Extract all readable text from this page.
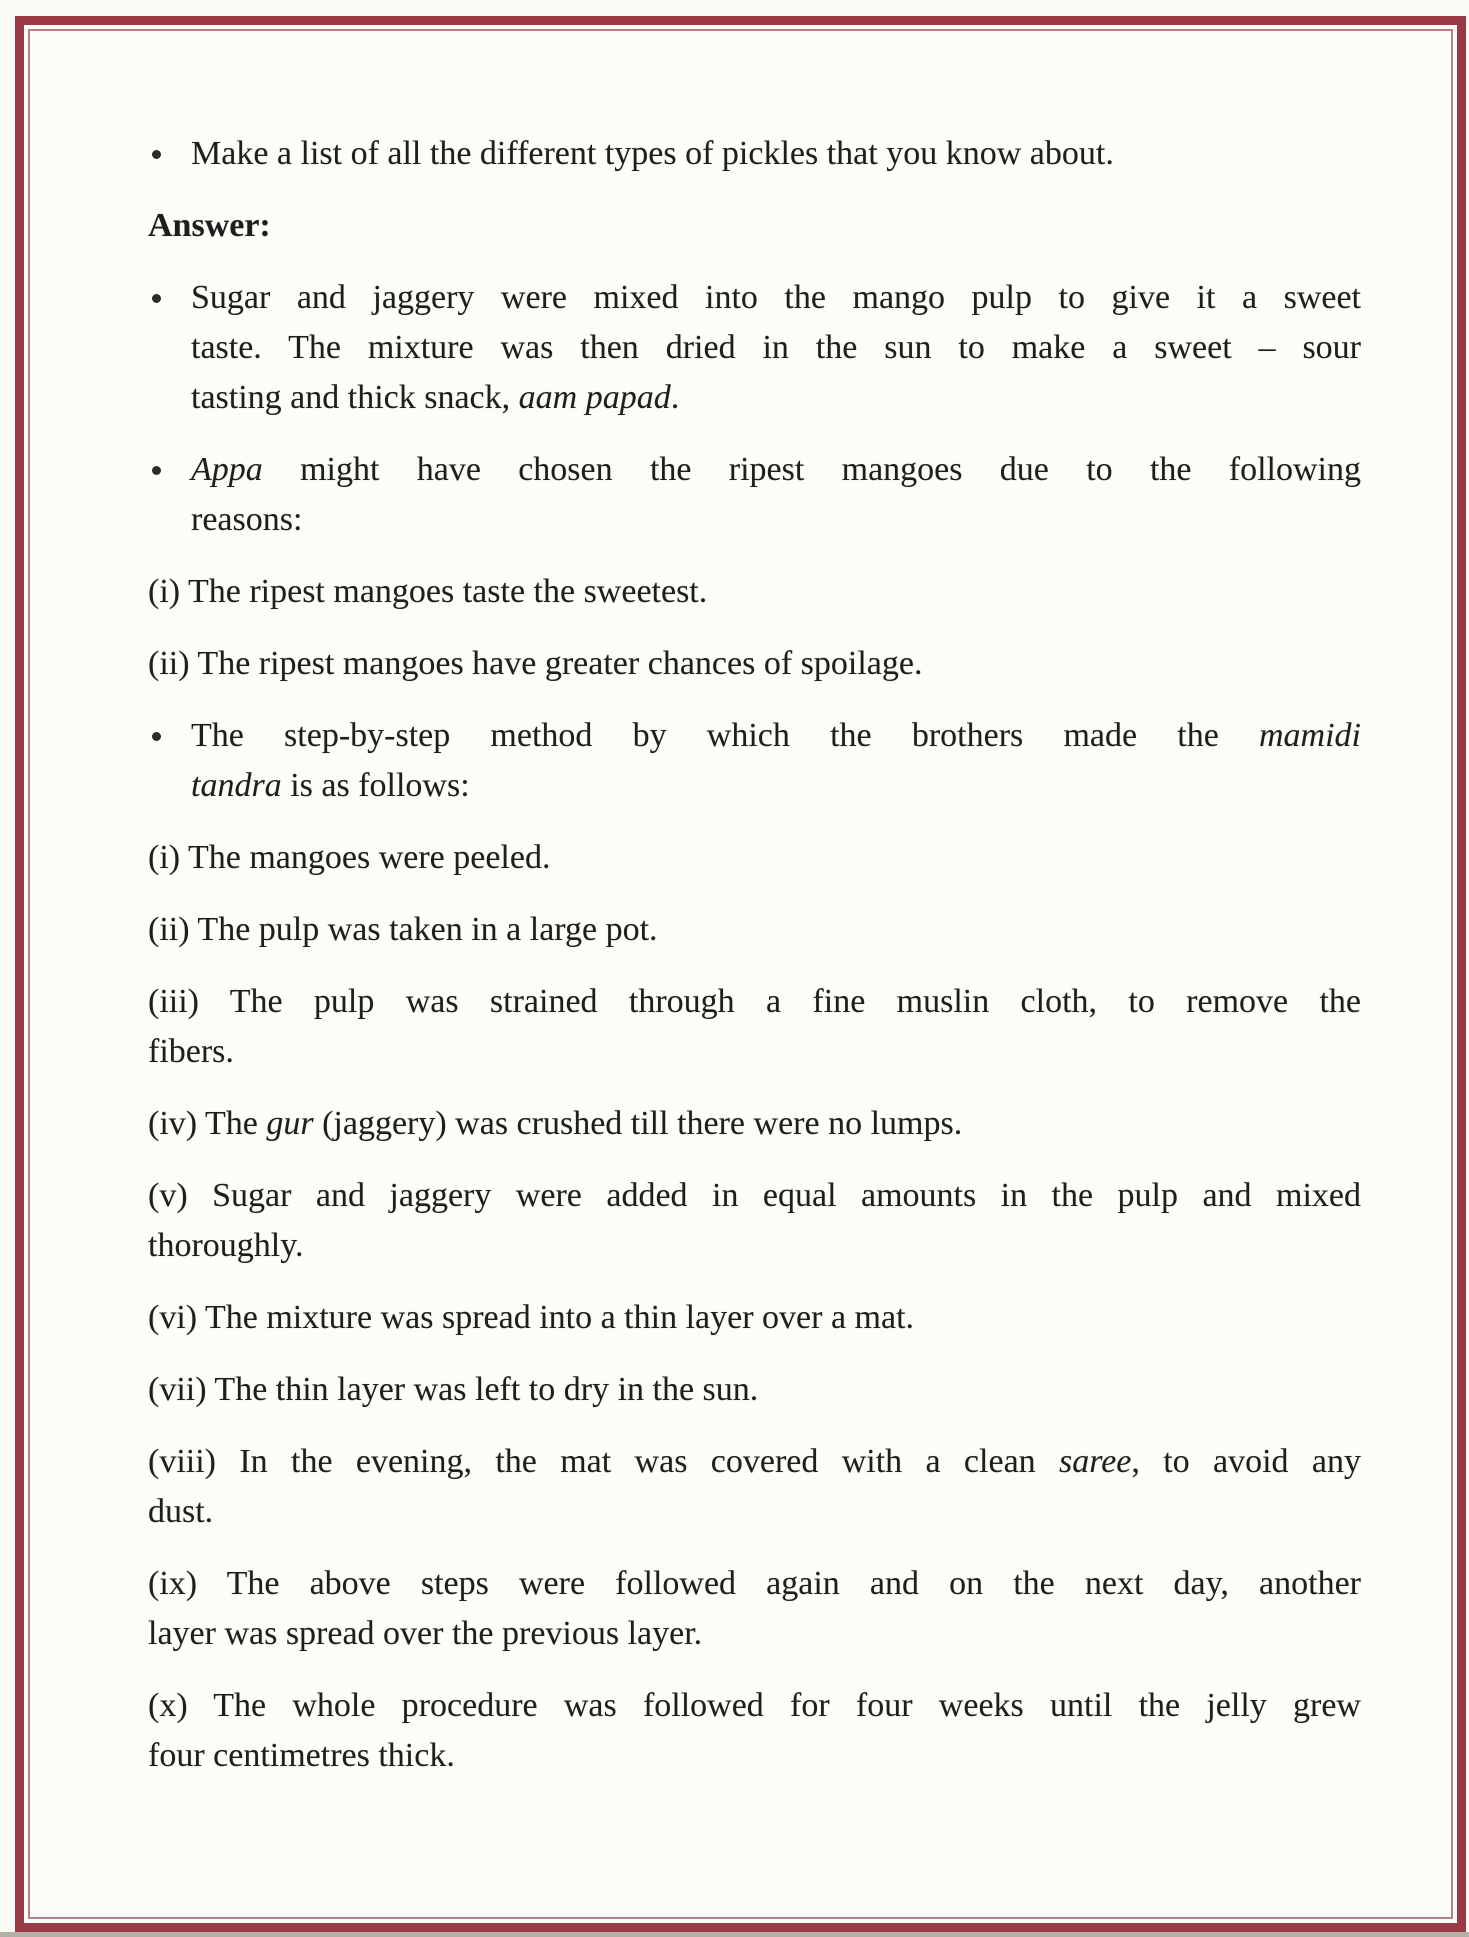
Make a list of all the different types of pickles that you know about.
Answer:
Sugar and jaggery were mixed into the mango pulp to give it a sweet
taste. The mixture was then dried in the sun to make a sweet – sour
tasting and thick snack, aam papad.
Appa might have chosen the ripest mangoes due to the following
reasons:
(i) The ripest mangoes taste the sweetest.
(ii) The ripest mangoes have greater chances of spoilage.
The step-by-step method by which the brothers made the mamidi
tandra is as follows:
(i) The mangoes were peeled.
(ii) The pulp was taken in a large pot.
(iii) The pulp was strained through a fine muslin cloth, to remove the
fibers.
(iv) The gur (jaggery) was crushed till there were no lumps.
(v) Sugar and jaggery were added in equal amounts in the pulp and mixed
thoroughly.
(vi) The mixture was spread into a thin layer over a mat.
(vii) The thin layer was left to dry in the sun.
(viii) In the evening, the mat was covered with a clean saree, to avoid any
dust.
(ix) The above steps were followed again and on the next day, another
layer was spread over the previous layer.
(x) The whole procedure was followed for four weeks until the jelly grew
four centimetres thick.
